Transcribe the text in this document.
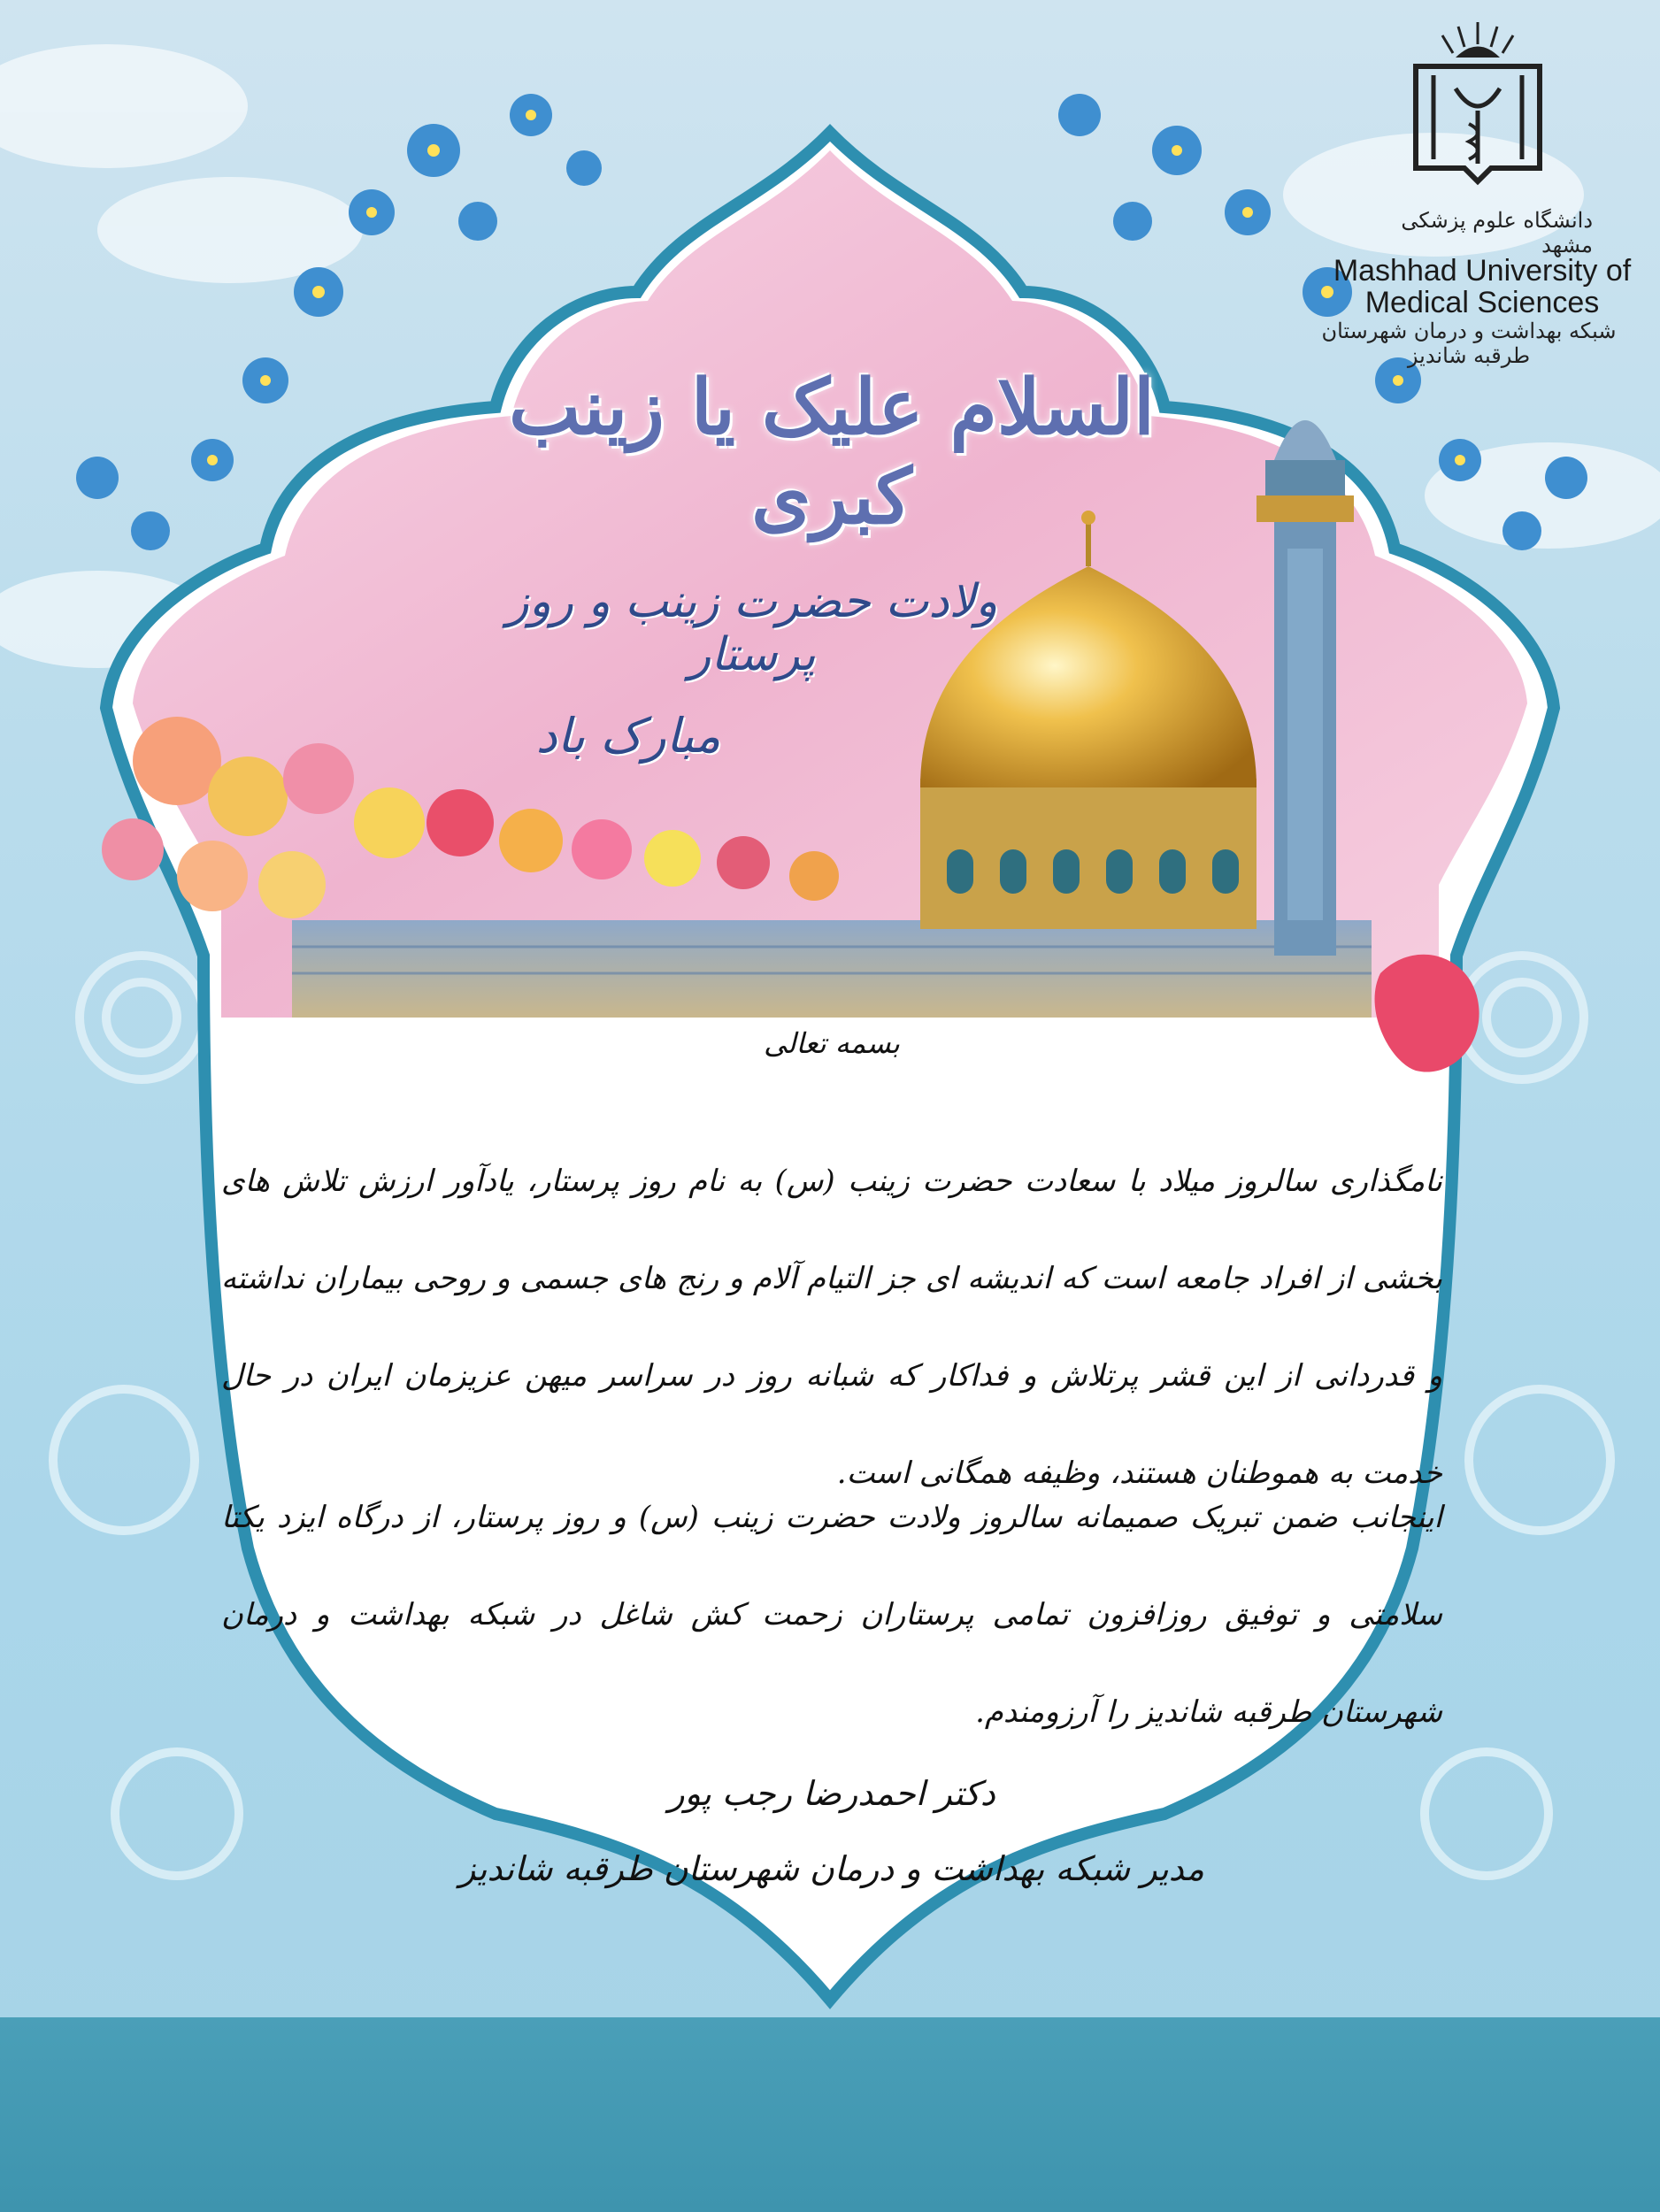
دانشگاه علوم پزشکی مشهد
Mashhad University of Medical Sciences
شبکه بهداشت و درمان شهرستان طرقبه شاندیز
السلام علیک یا زینب کبری
ولادت حضرت زینب و روز پرستار
مبارک باد
بسمه تعالی
نامگذاری سالروز میلاد با سعادت حضرت زینب (س) به نام روز پرستار، یادآور ارزش تلاش های بخشی از افراد جامعه است که اندیشه ای جز التیام آلام و رنج های جسمی و روحی بیماران نداشته و قدردانی از این قشر پرتلاش و فداکار که شبانه روز در سراسر میهن عزیزمان ایران در حال خدمت به هموطنان هستند، وظیفه همگانی است.
اینجانب ضمن تبریک صمیمانه سالروز ولادت حضرت زینب (س) و روز پرستار، از درگاه ایزد یکتا سلامتی و توفیق روزافزون تمامی پرستاران زحمت کش شاغل در شبکه بهداشت و درمان شهرستان طرقبه شاندیز را آرزومندم.
دکتر احمدرضا رجب پور
مدیر شبکه بهداشت و درمان شهرستان طرقبه شاندیز
